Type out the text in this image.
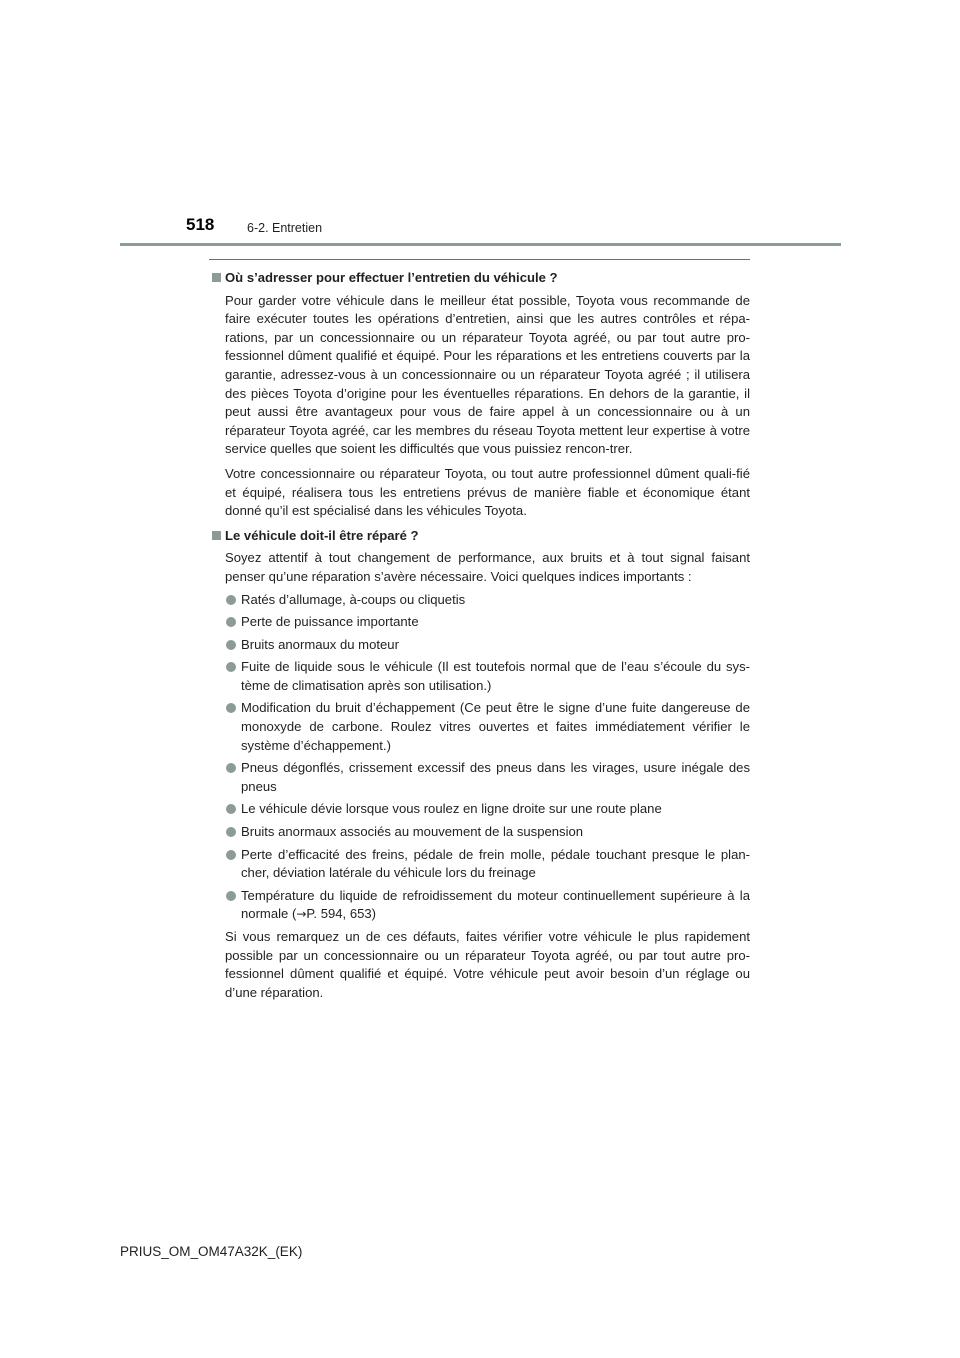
518	6-2. Entretien
Où s’adresser pour effectuer l’entretien du véhicule ?

Pour garder votre véhicule dans le meilleur état possible, Toyota vous recommande de faire exécuter toutes les opérations d’entretien, ainsi que les autres contrôles et répa-rations, par un concessionnaire ou un réparateur Toyota agréé, ou par tout autre pro-fessionnel dûment qualifié et équipé. Pour les réparations et les entretiens couverts par la garantie, adressez-vous à un concessionnaire ou un réparateur Toyota agréé ; il utilisera des pièces Toyota d’origine pour les éventuelles réparations. En dehors de la garantie, il peut aussi être avantageux pour vous de faire appel à un concessionnaire ou à un réparateur Toyota agréé, car les membres du réseau Toyota mettent leur expertise à votre service quelles que soient les difficultés que vous puissiez rencon-trer.

Votre concessionnaire ou réparateur Toyota, ou tout autre professionnel dûment quali-fié et équipé, réalisera tous les entretiens prévus de manière fiable et économique étant donné qu’il est spécialisé dans les véhicules Toyota.

Le véhicule doit-il être réparé ?

Soyez attentif à tout changement de performance, aux bruits et à tout signal faisant penser qu’une réparation s’avère nécessaire. Voici quelques indices importants :

Ratés d’allumage, à-coups ou cliquetis
Perte de puissance importante
Bruits anormaux du moteur
Fuite de liquide sous le véhicule (Il est toutefois normal que de l’eau s’écoule du sys-tème de climatisation après son utilisation.)
Modification du bruit d’échappement (Ce peut être le signe d’une fuite dangereuse de monoxyde de carbone. Roulez vitres ouvertes et faites immédiatement vérifier le système d’échappement.)
Pneus dégonflés, crissement excessif des pneus dans les virages, usure inégale des pneus
Le véhicule dévie lorsque vous roulez en ligne droite sur une route plane
Bruits anormaux associés au mouvement de la suspension
Perte d’efficacité des freins, pédale de frein molle, pédale touchant presque le plan-cher, déviation latérale du véhicule lors du freinage
Température du liquide de refroidissement du moteur continuellement supérieure à la normale (→P. 594, 653)

Si vous remarquez un de ces défauts, faites vérifier votre véhicule le plus rapidement possible par un concessionnaire ou un réparateur Toyota agréé, ou par tout autre pro-fessionnel dûment qualifié et équipé. Votre véhicule peut avoir besoin d’un réglage ou d’une réparation.

PRIUS_OM_OM47A32K_(EK)
